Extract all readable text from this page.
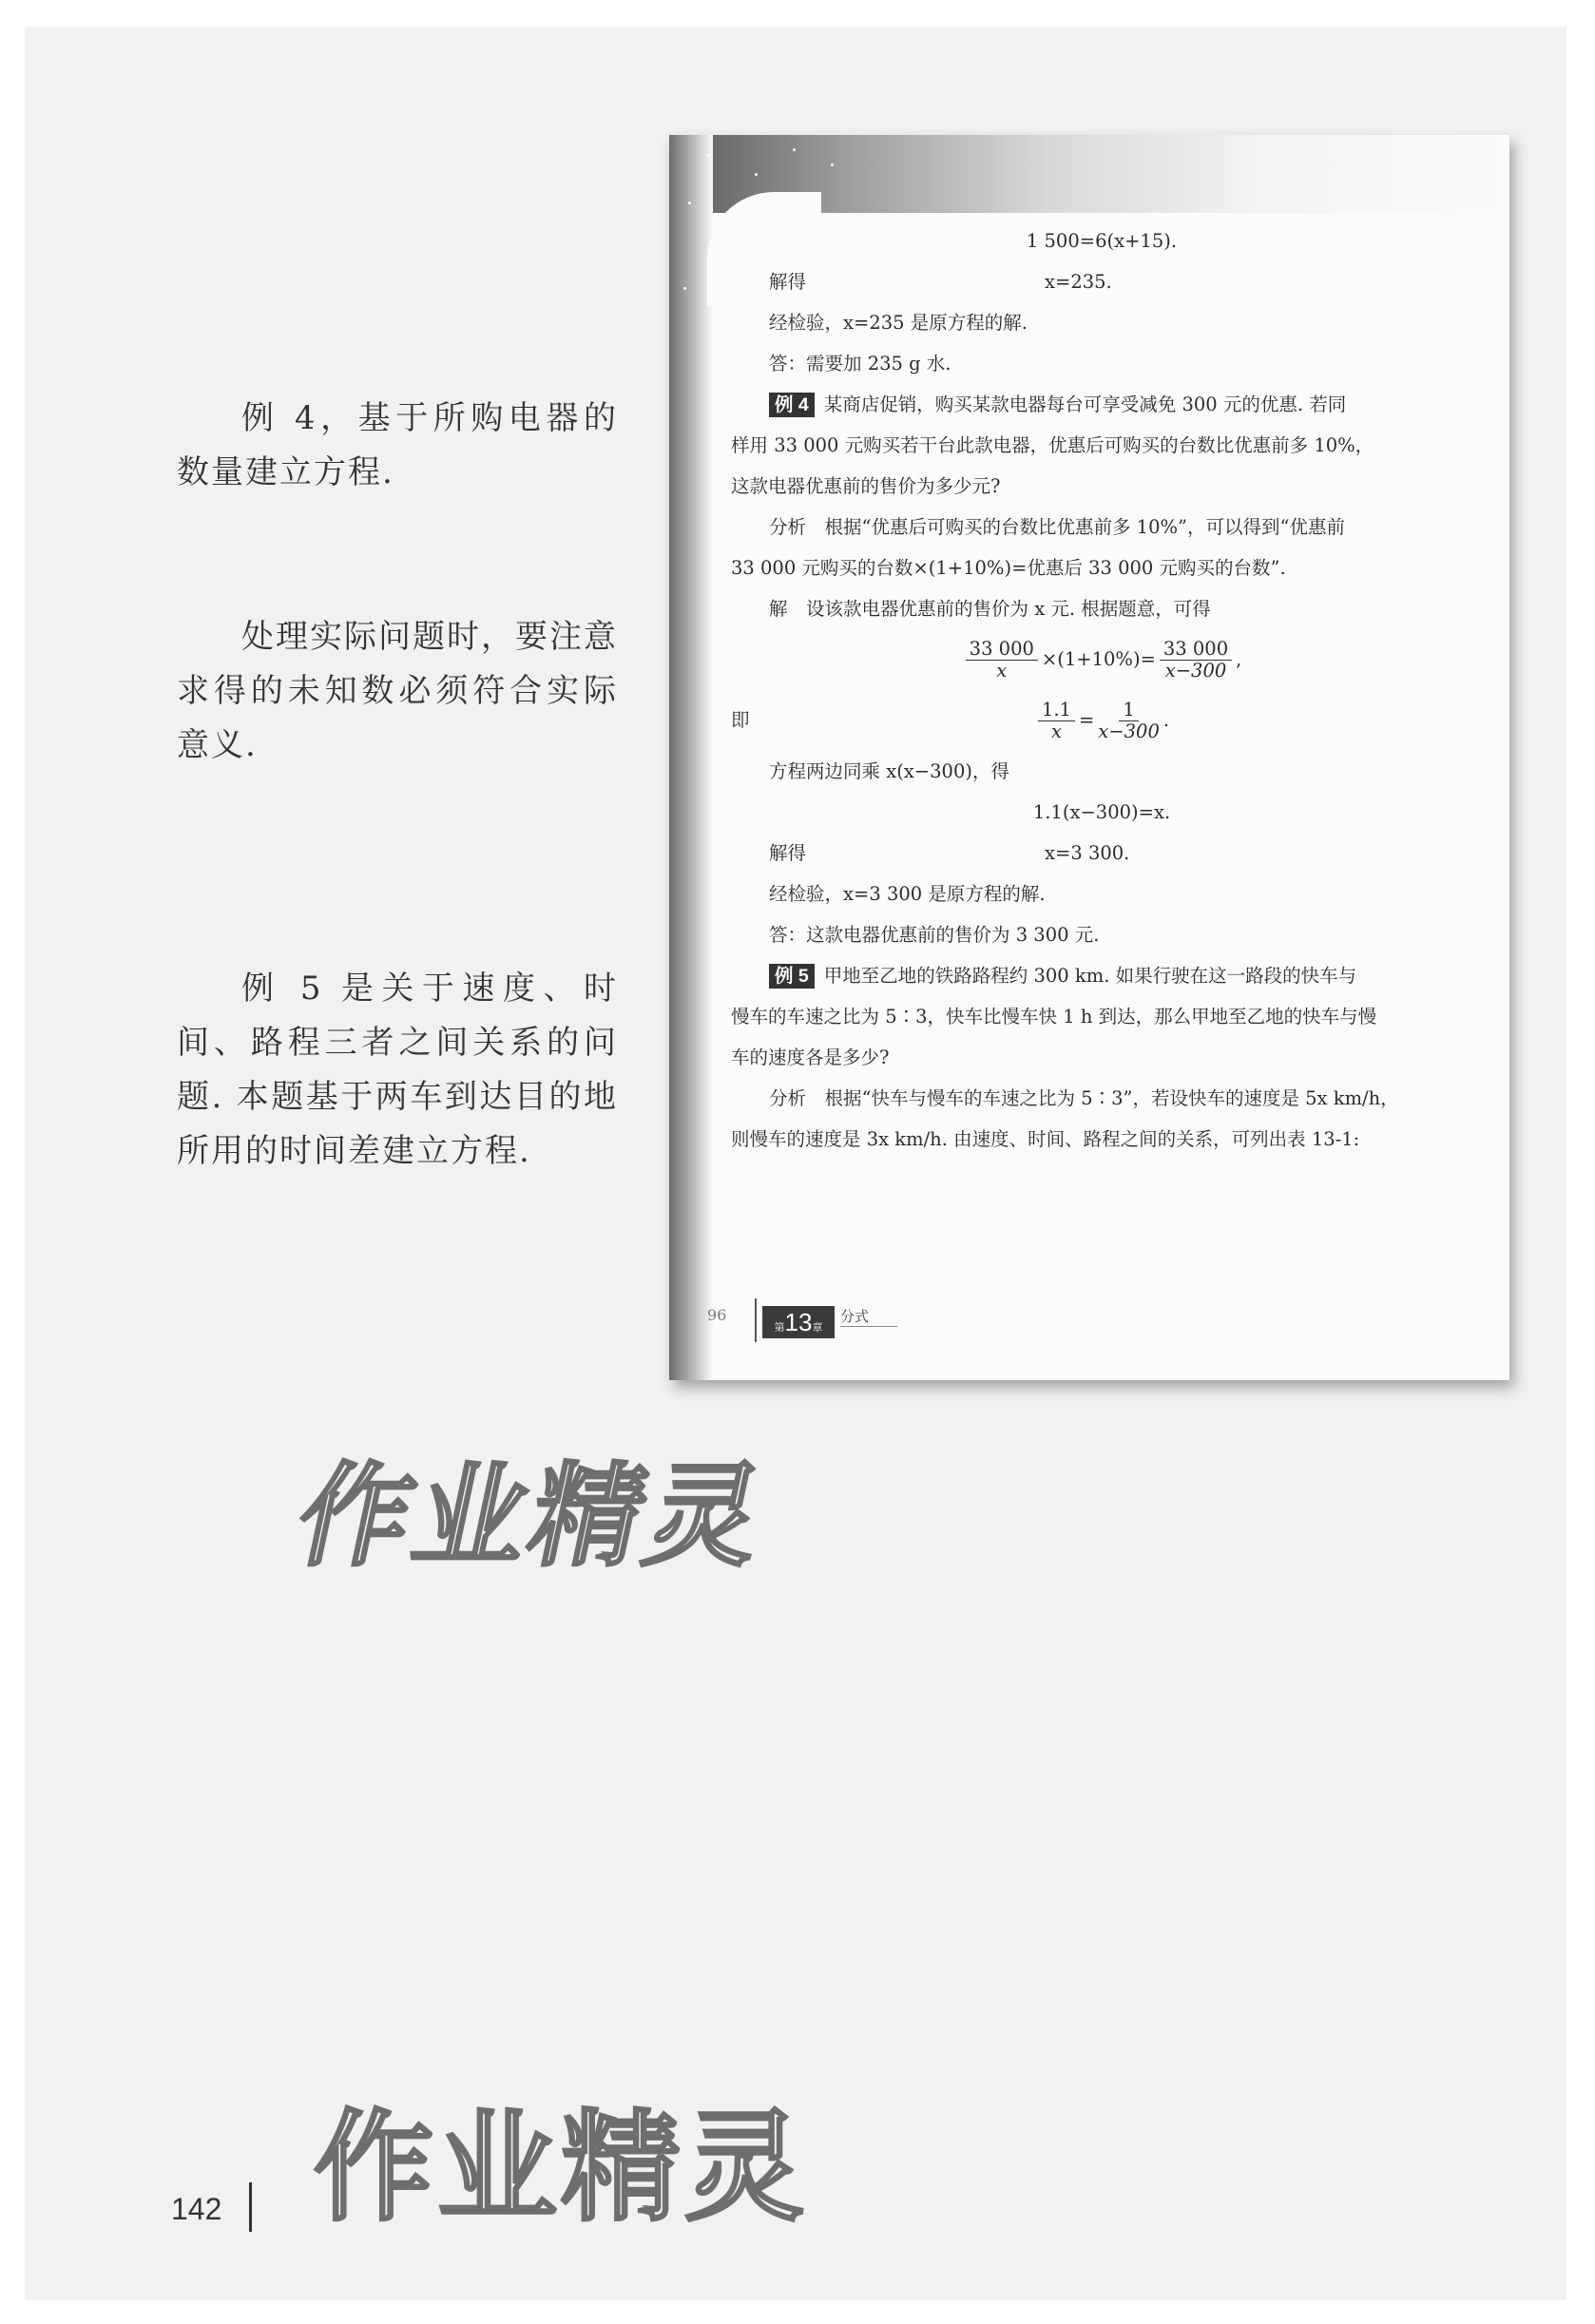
例 4，基于所购电器的数量建立方程.

处理实际问题时，要注意求得的未知数必须符合实际意义.

例 5 是关于速度、时间、路程三者之间关系的问题. 本题基于两车到达目的地所用的时间差建立方程.

1 500=6(x+15).
解得	x=235.
经检验，x=235 是原方程的解.
答：需要加 235 g 水.
例 4 某商店促销，购买某款电器每台可享受减免 300 元的优惠. 若同
样用 33 000 元购买若干台此款电器，优惠后可购买的台数比优惠前多 10%，
这款电器优惠前的售价为多少元?
分析　根据“优惠后可购买的台数比优惠前多 10%”，可以得到“优惠前
33 000 元购买的台数×(1+10%)=优惠后 33 000 元购买的台数”.
解　设该款电器优惠前的售价为 x 元. 根据题意，可得
$\frac{33 000}{x} \times(1+10\%)= \frac{33 000}{x-300}$ ,
即	$\frac{1.1}{x} = \frac{1}{x-300}$ .
方程两边同乘 x(x−300)，得
1.1(x−300)=x.
解得	x=3 300.
经检验，x=3 300 是原方程的解.
答：这款电器优惠前的售价为 3 300 元.
例 5 甲地至乙地的铁路路程约 300 km. 如果行驶在这一路段的快车与
慢车的车速之比为 5∶3，快车比慢车快 1 h 到达，那么甲地至乙地的快车与慢
车的速度各是多少?
分析　根据“快车与慢车的车速之比为 5∶3”，若设快车的速度是 5x km/h，
则慢车的速度是 3x km/h. 由速度、时间、路程之间的关系，可列出表 13-1:
96
第13章
分式
作业精灵
作业精灵
142
